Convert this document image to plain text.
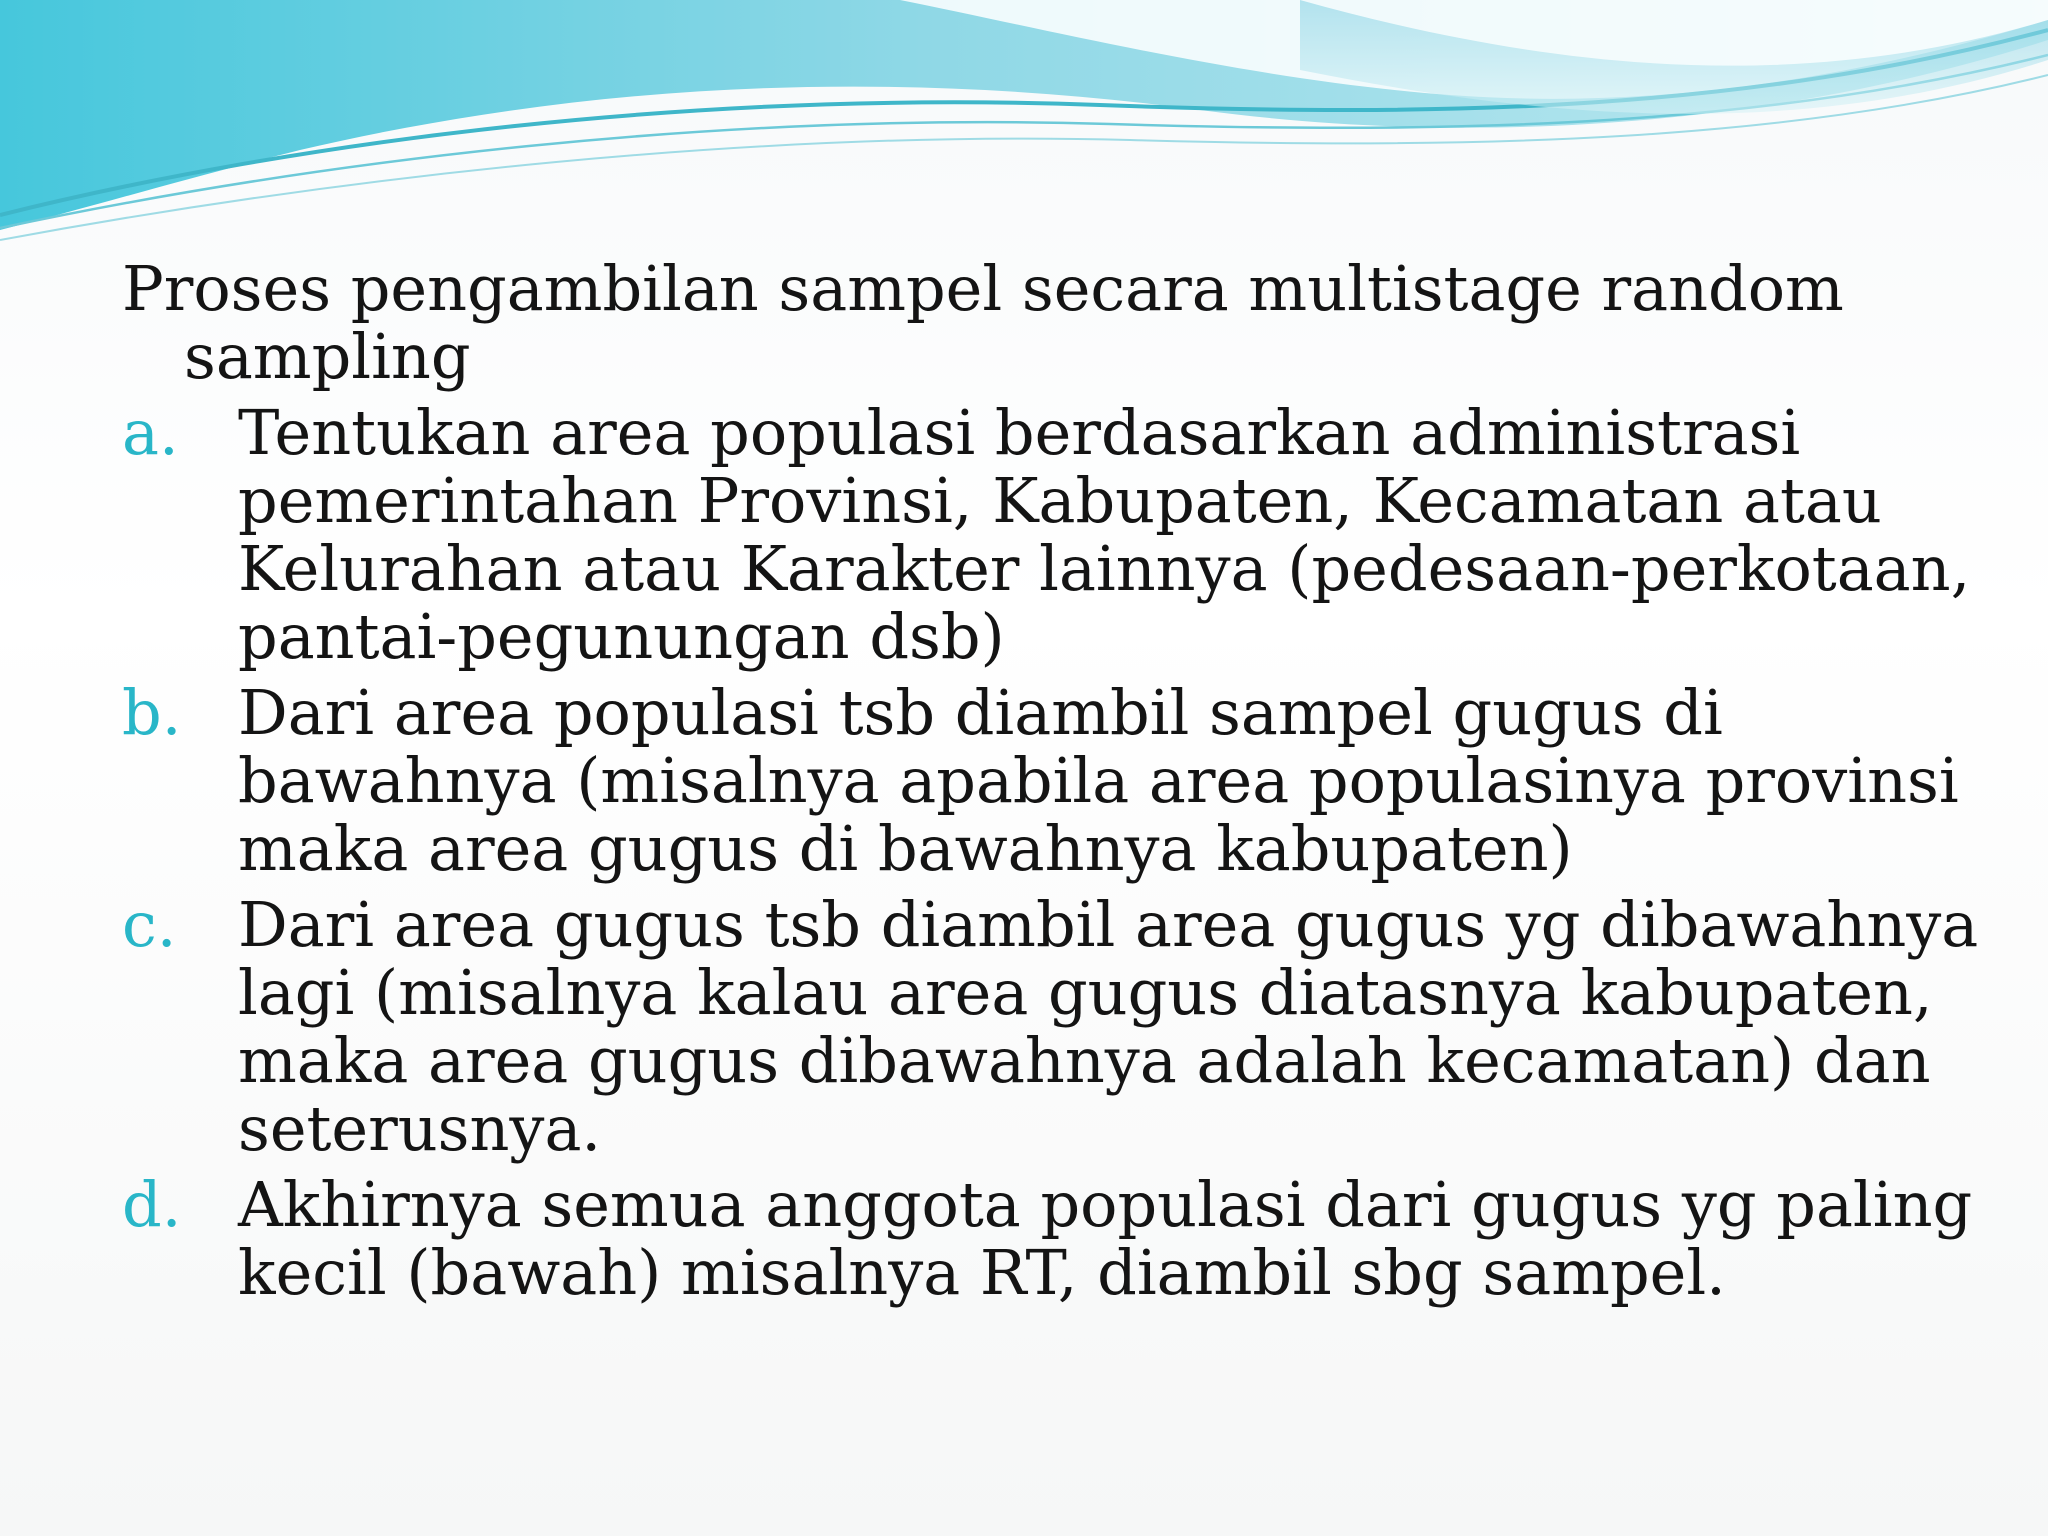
Proses pengambilan sampel secara multistage random sampling

a. Tentukan area populasi berdasarkan administrasi pemerintahan Provinsi, Kabupaten, Kecamatan atau Kelurahan atau Karakter lainnya (pedesaan-perkotaan, pantai-pegunungan dsb)
b. Dari area populasi tsb diambil sampel gugus di bawahnya (misalnya apabila area populasinya provinsi maka area gugus di bawahnya kabupaten)
c. Dari area gugus tsb diambil area gugus yg dibawahnya lagi (misalnya kalau area gugus diatasnya kabupaten, maka area gugus dibawahnya adalah kecamatan) dan seterusnya.
d. Akhirnya semua anggota populasi dari gugus yg paling kecil (bawah) misalnya RT, diambil sbg sampel.
